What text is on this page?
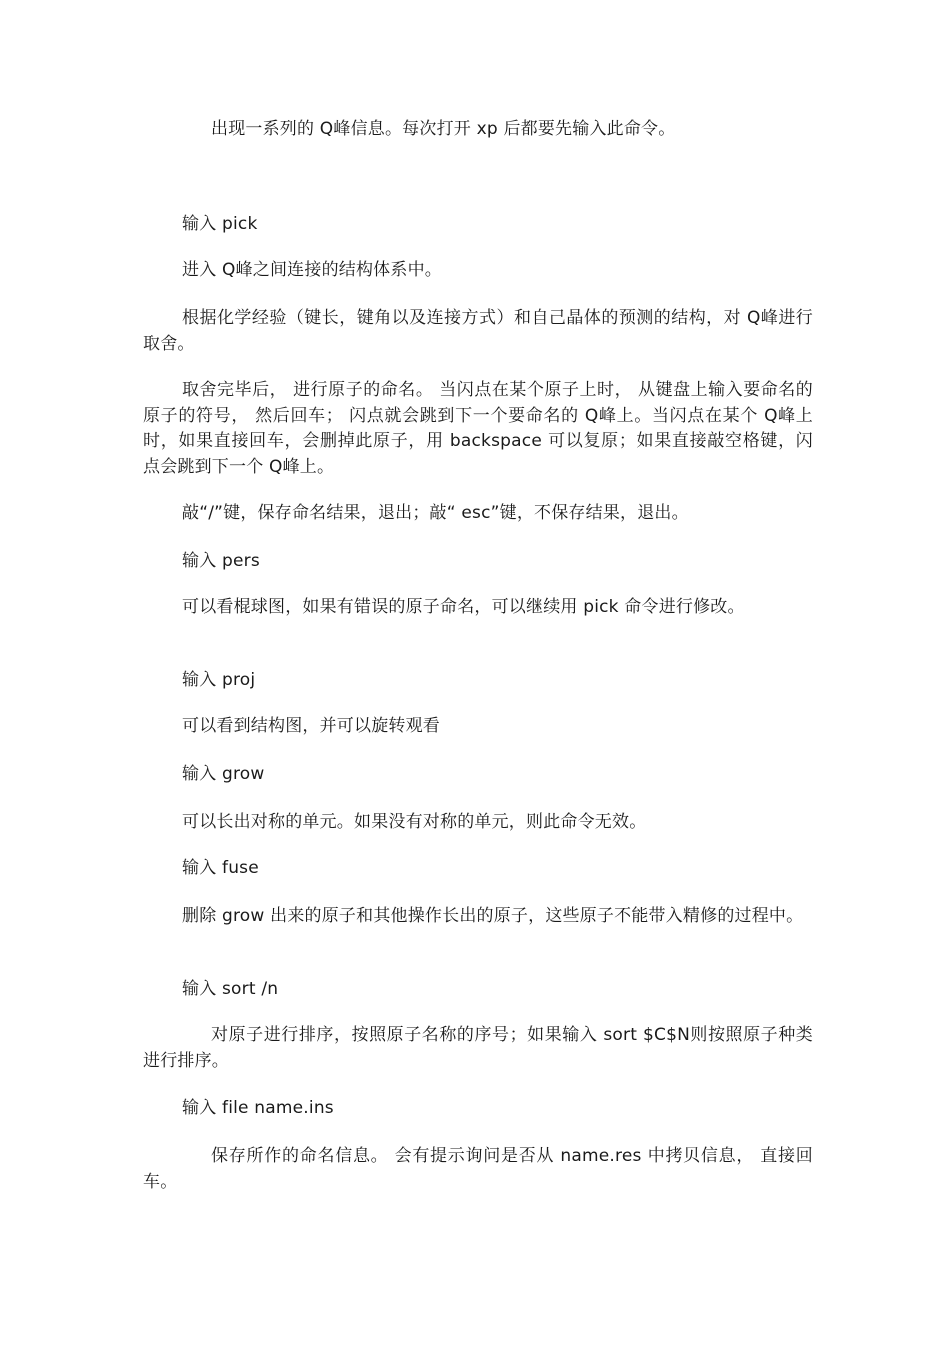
出现一系列的 Q峰信息。每次打开 xp 后都要先输入此命令。

输入 pick

进入 Q峰之间连接的结构体系中。

根据化学经验（键长，键角以及连接方式）和自己晶体的预测的结构，对 Q峰进行取舍。

取舍完毕后， 进行原子的命名。 当闪点在某个原子上时， 从键盘上输入要命名的原子的符号， 然后回车； 闪点就会跳到下一个要命名的 Q峰上。当闪点在某个 Q峰上时，如果直接回车，会删掉此原子，用 backspace 可以复原；如果直接敲空格键，闪点会跳到下一个 Q峰上。

敲“/”键，保存命名结果，退出；敲“ esc”键，不保存结果，退出。

输入 pers

可以看棍球图，如果有错误的原子命名，可以继续用 pick 命令进行修改。

输入 proj

可以看到结构图，并可以旋转观看

输入 grow

可以长出对称的单元。如果没有对称的单元，则此命令无效。

输入 fuse

删除 grow 出来的原子和其他操作长出的原子，这些原子不能带入精修的过程中。

输入 sort /n

对原子进行排序，按照原子名称的序号；如果输入 sort $C$N则按照原子种类进行排序。

输入 file name.ins

保存所作的命名信息。 会有提示询问是否从 name.res 中拷贝信息， 直接回车。
